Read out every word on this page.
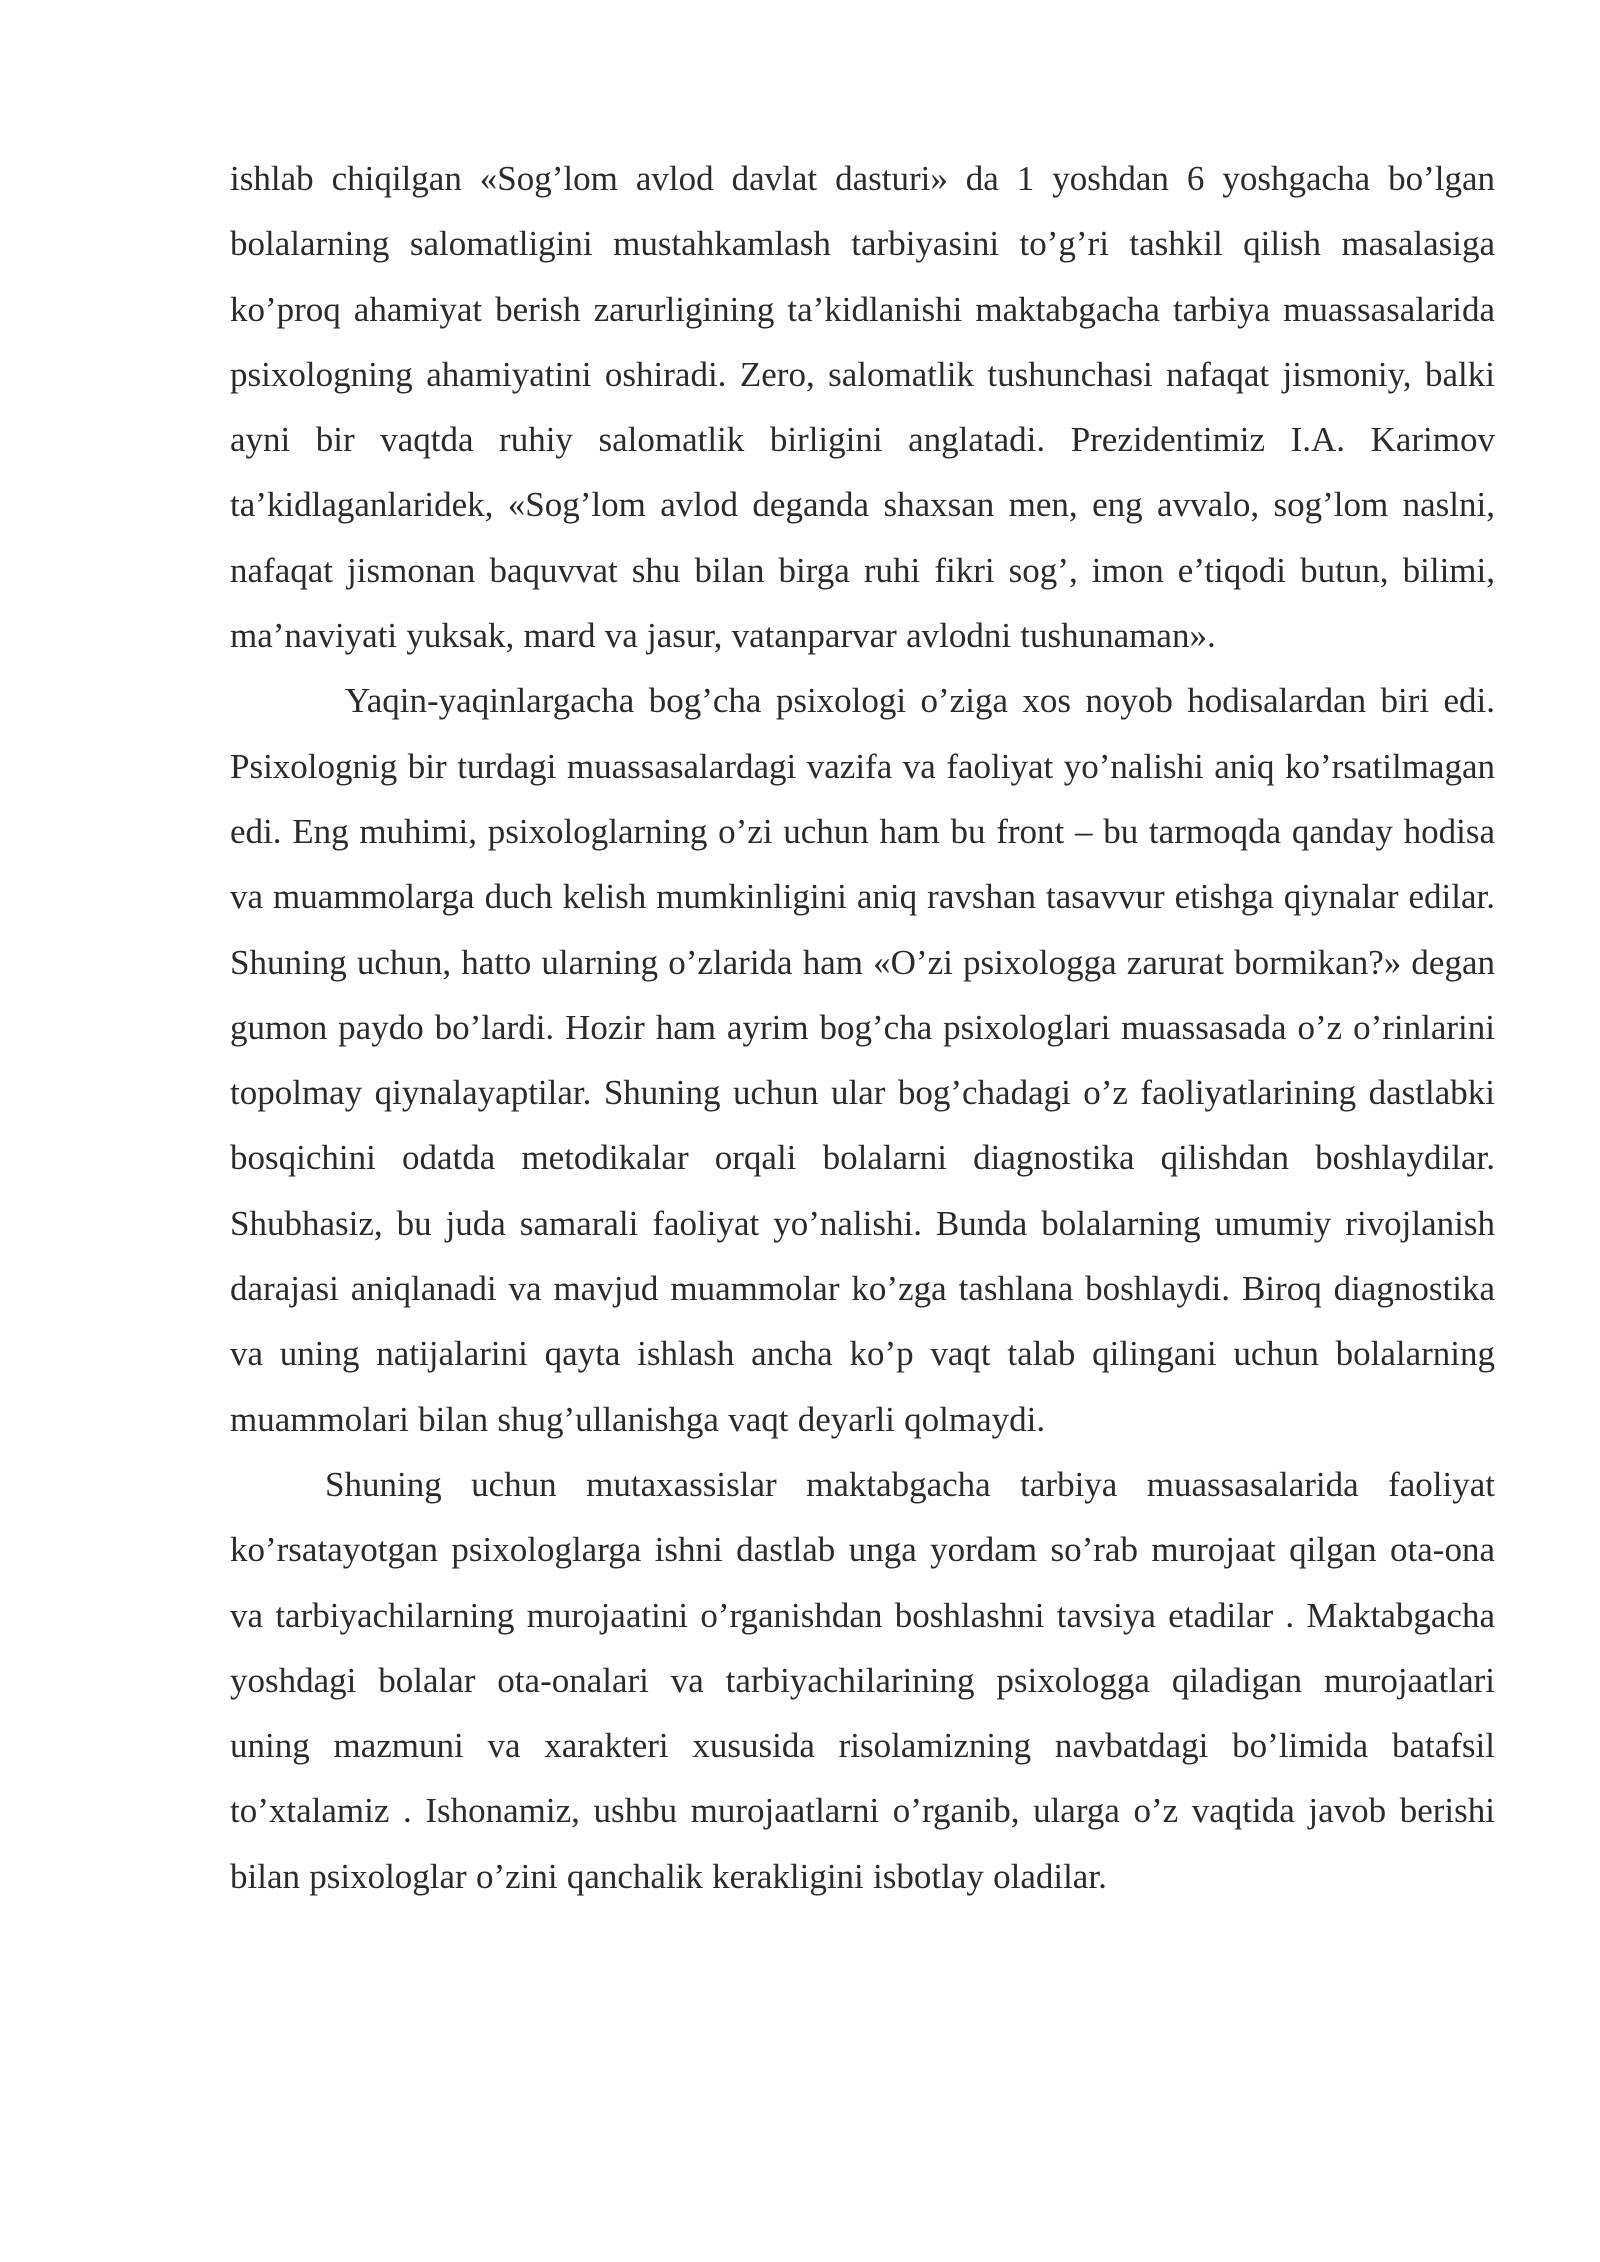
ishlab chiqilgan «Sog’lom avlod davlat dasturi» da 1 yoshdan 6 yoshgacha bo’lgan bolalarning salomatligini mustahkamlash tarbiyasini to’g’ri tashkil qilish masalasiga ko’proq ahamiyat berish zarurligining ta’kidlanishi maktabgacha tarbiya muassasalarida psixologning ahamiyatini oshiradi. Zero, salomatlik tushunchasi nafaqat jismoniy, balki ayni bir vaqtda ruhiy salomatlik birligini anglatadi. Prezidentimiz I.A. Karimov ta’kidlaganlaridek, «Sog’lom avlod deganda shaxsan men, eng avvalo, sog’lom naslni, nafaqat jismonan baquvvat shu bilan birga ruhi fikri sog’, imon e’tiqodi butun, bilimi, ma’naviyati yuksak, mard va jasur, vatanparvar avlodni tushunaman».

Yaqin-yaqinlargacha bog’cha psixologi o’ziga xos noyob hodisalardan biri edi. Psixolognig bir turdagi muassasalardagi vazifa va faoliyat yo’nalishi aniq ko’rsatilmagan edi. Eng muhimi, psixologlarning o’zi uchun ham bu front – bu tarmoqda qanday hodisa va muammolarga duch kelish mumkinligini aniq ravshan tasavvur etishga qiynalar edilar. Shuning uchun, hatto ularning o’zlarida ham «O’zi psixologga zarurat bormikan?» degan gumon paydo bo’lardi. Hozir ham ayrim bog’cha psixologlari muassasada o’z o’rinlarini topolmay qiynalayaptilar. Shuning uchun ular bog’chadagi o’z faoliyatlarining dastlabki bosqichini odatda metodikalar orqali bolalarni diagnostika qilishdan boshlaydilar. Shubhasiz, bu juda samarali faoliyat yo’nalishi. Bunda bolalarning umumiy rivojlanish darajasi aniqlanadi va mavjud muammolar ko’zga tashlana boshlaydi. Biroq diagnostika va uning natijalarini qayta ishlash ancha ko’p vaqt talab qilingani uchun bolalarning muammolari bilan shug’ullanishga vaqt deyarli qolmaydi.

Shuning uchun mutaxassislar maktabgacha tarbiya muassasalarida faoliyat ko’rsatayotgan psixologlarga ishni dastlab unga yordam so’rab murojaat qilgan ota-ona va tarbiyachilarning murojaatini o’rganishdan boshlashni tavsiya etadilar . Maktabgacha yoshdagi bolalar ota-onalari va tarbiyachilarining psixologga qiladigan murojaatlari uning mazmuni va xarakteri xususida risolamizning navbatdagi bo’limida batafsil to’xtalamiz . Ishonamiz, ushbu murojaatlarni o’rganib, ularga o’z vaqtida javob berishi bilan psixologlar o’zini qanchalik kerakligini isbotlay oladilar.
